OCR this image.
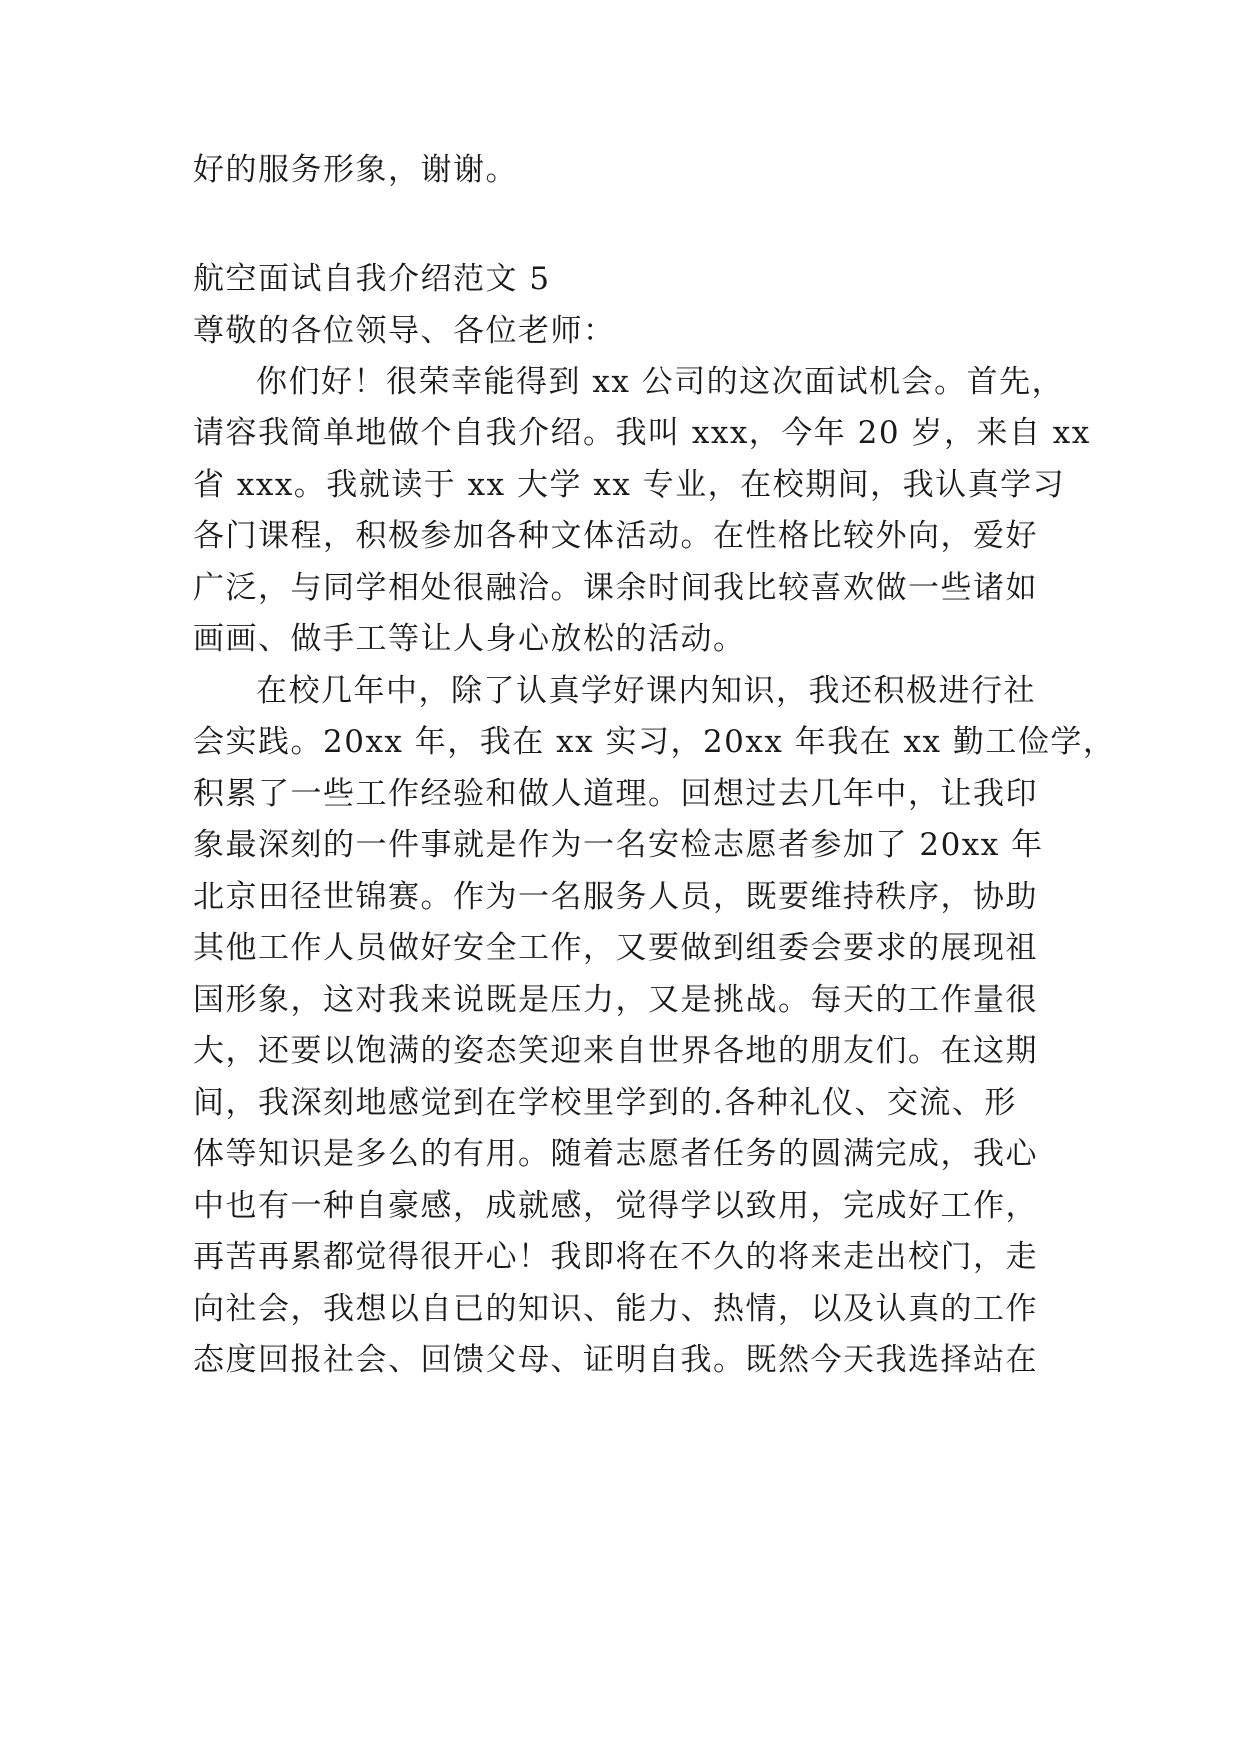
好的服务形象，谢谢。
航空面试自我介绍范文 5
尊敬的各位领导、各位老师：
你们好！很荣幸能得到 xx 公司的这次面试机会。首先，
请容我简单地做个自我介绍。我叫 xxx，今年 20 岁，来自 xx
省 xxx。我就读于 xx 大学 xx 专业，在校期间，我认真学习
各门课程，积极参加各种文体活动。在性格比较外向，爱好
广泛，与同学相处很融洽。课余时间我比较喜欢做一些诸如
画画、做手工等让人身心放松的活动。
在校几年中，除了认真学好课内知识，我还积极进行社
会实践。20xx 年，我在 xx 实习，20xx 年我在 xx 勤工俭学，
积累了一些工作经验和做人道理。回想过去几年中，让我印
象最深刻的一件事就是作为一名安检志愿者参加了 20xx 年
北京田径世锦赛。作为一名服务人员，既要维持秩序，协助
其他工作人员做好安全工作，又要做到组委会要求的展现祖
国形象，这对我来说既是压力，又是挑战。每天的工作量很
大，还要以饱满的姿态笑迎来自世界各地的朋友们。在这期
间，我深刻地感觉到在学校里学到的.各种礼仪、交流、形
体等知识是多么的有用。随着志愿者任务的圆满完成，我心
中也有一种自豪感，成就感，觉得学以致用，完成好工作，
再苦再累都觉得很开心！我即将在不久的将来走出校门，走
向社会，我想以自已的知识、能力、热情，以及认真的工作
态度回报社会、回馈父母、证明自我。既然今天我选择站在
